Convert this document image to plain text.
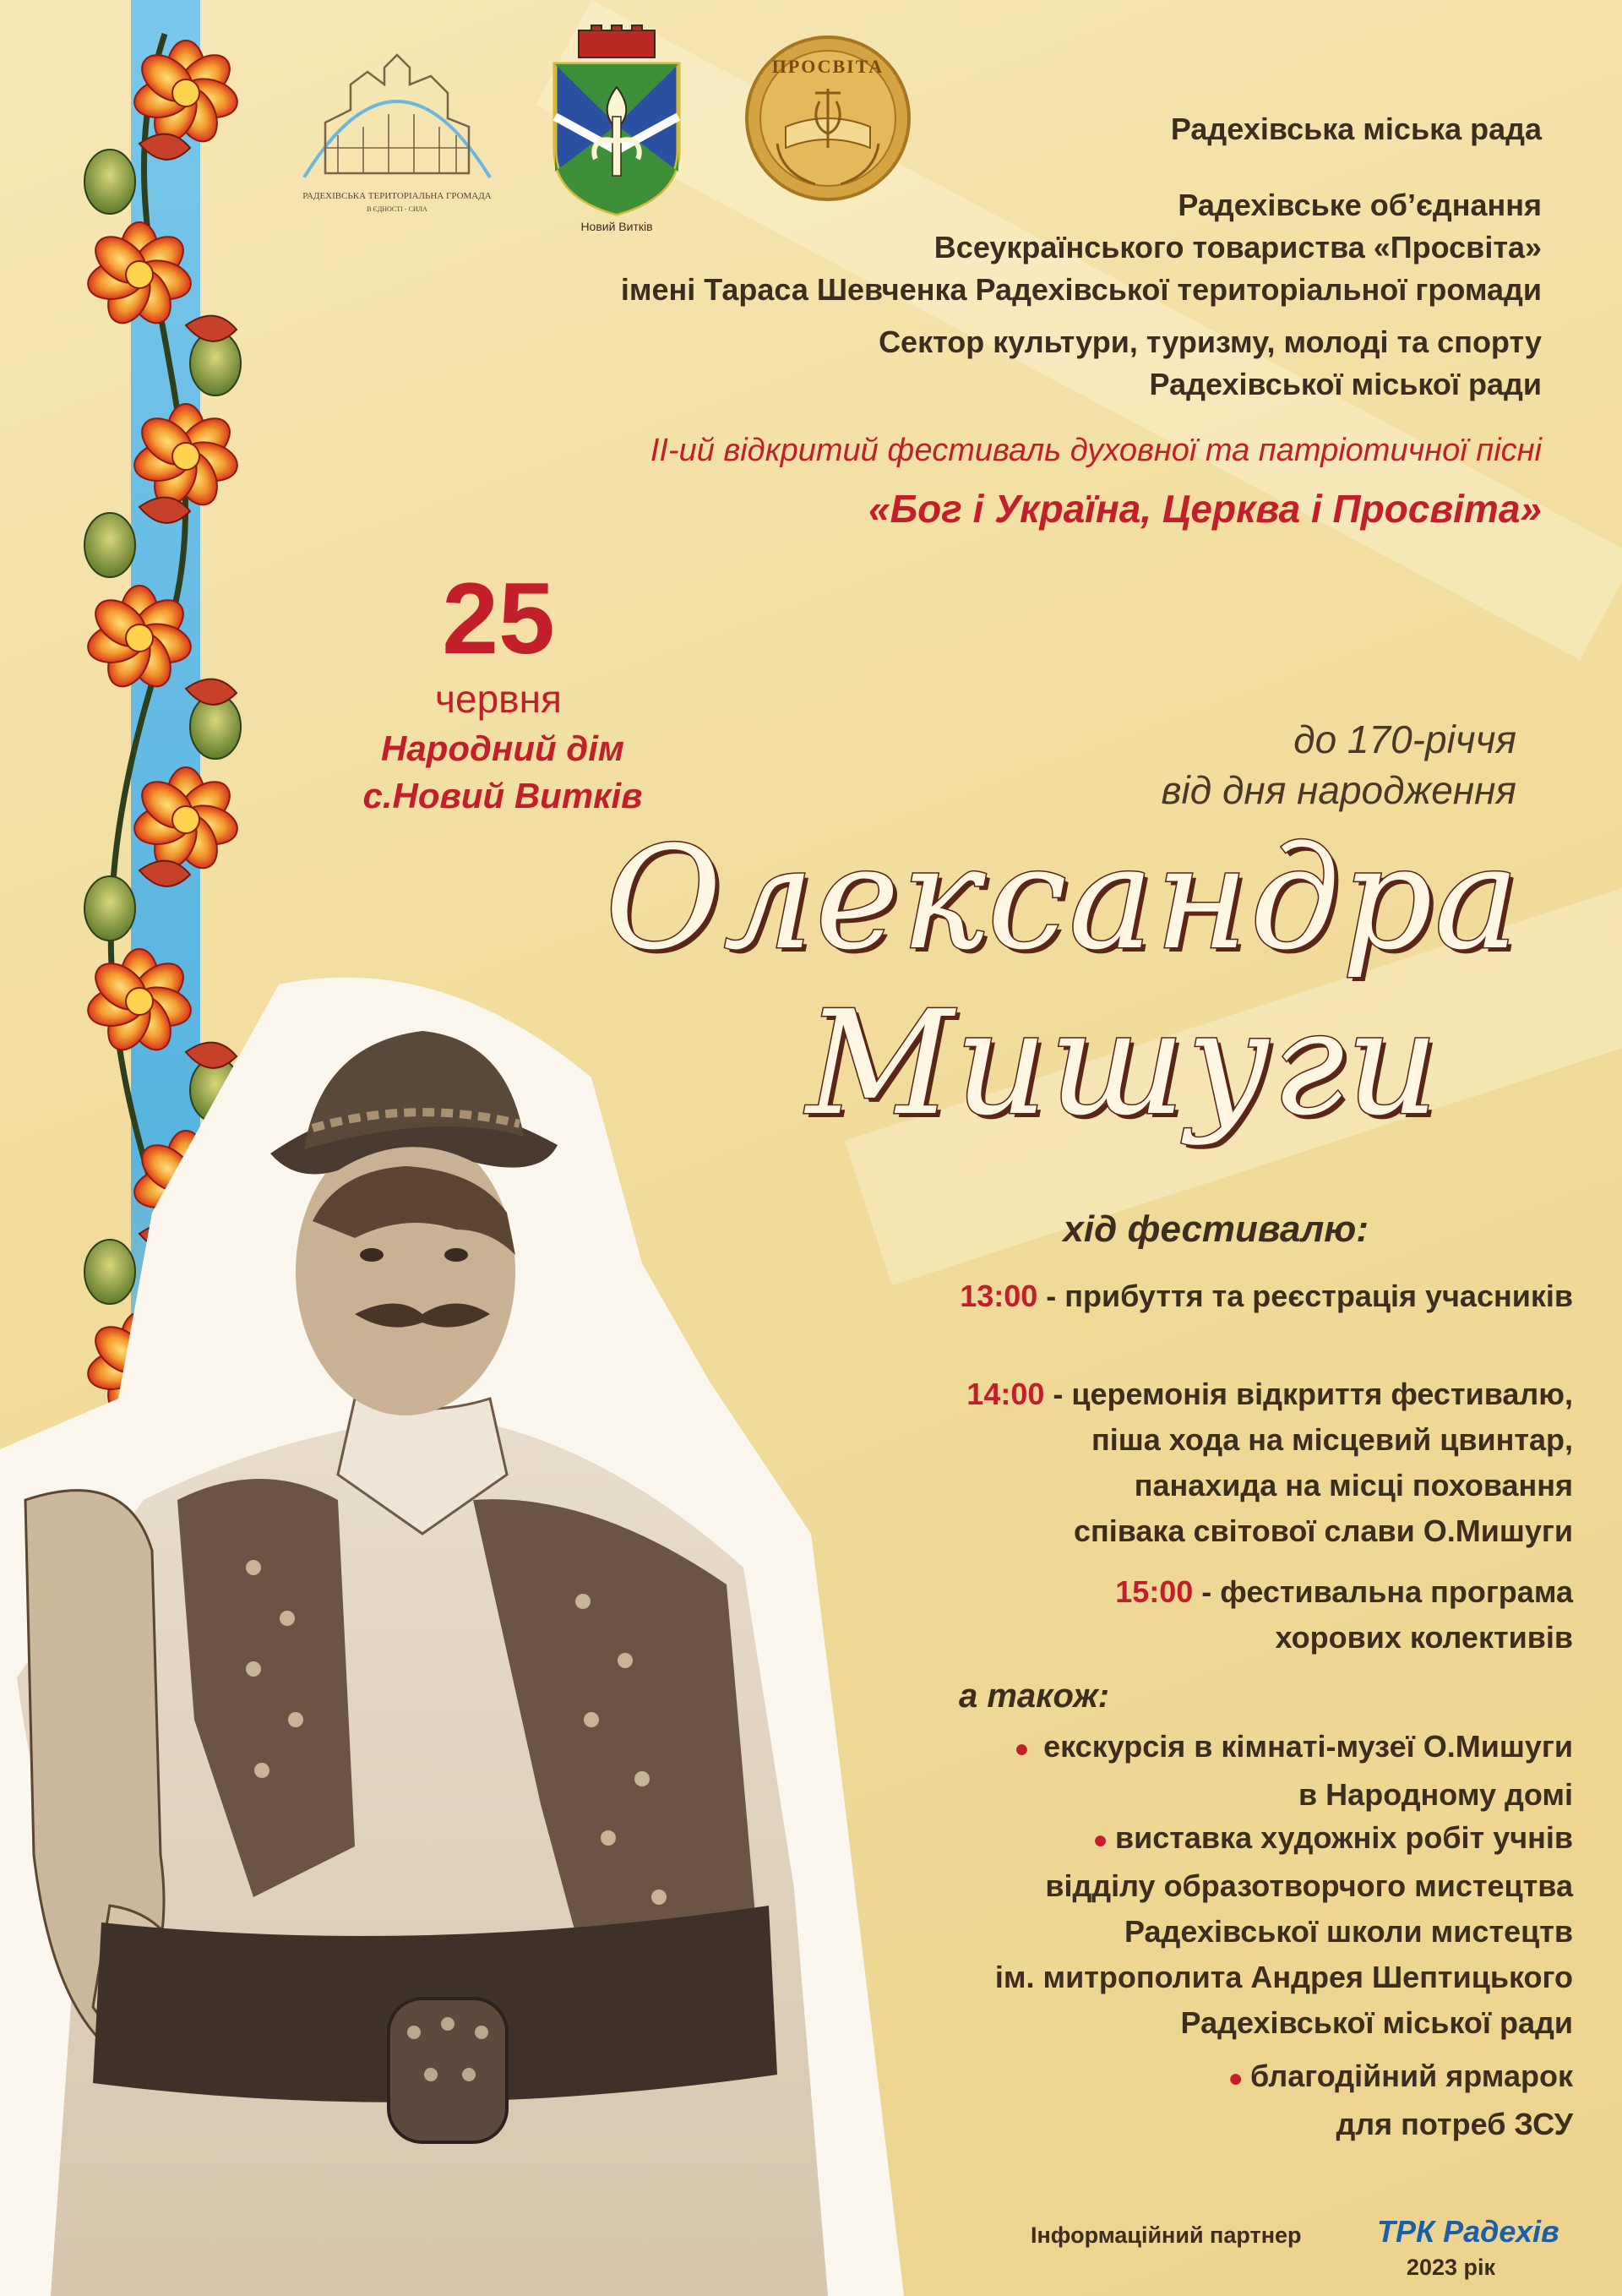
РАДЕХІВСЬКА ТЕРИТОРІАЛЬНА ГРОМАДА
В ЄДНОСТІ - СИЛА
Новий Витків
ПРОСВІТА
Радехівська міська рада
Радехівське об’єднання
Всеукраїнського товариства «Просвіта»
імені Тараса Шевченка Радехівської територіальної громади
Сектор культури, туризму, молоді та спорту
Радехівської міської ради
ІІ-ий відкритий фестиваль духовної та патріотичної пісні
«Бог і Україна, Церква і Просвіта»
25
червня
Народний дім
с.Новий Витків
до 170-річчя
від дня народження
Олександра
Мишуги
хід фестивалю:
13:00 - прибуття та реєстрація учасників
14:00 - церемонія відкриття фестивалю,
піша хода на місцевий цвинтар,
панахида на місці поховання
співака світової слави О.Мишуги
15:00 - фестивальна програма
хорових колективів
а також:
●  екскурсія в кімнаті-музеї О.Мишуги
в Народному домі
● виставка художніх робіт учнів
відділу образотворчого мистецтва
Радехівської школи мистецтв
ім. митрополита Андрея Шептицького
Радехівської міської ради
● благодійний ярмарок
для потреб ЗСУ
Інформаційний партнер ТРК Радехів
2023 рік
